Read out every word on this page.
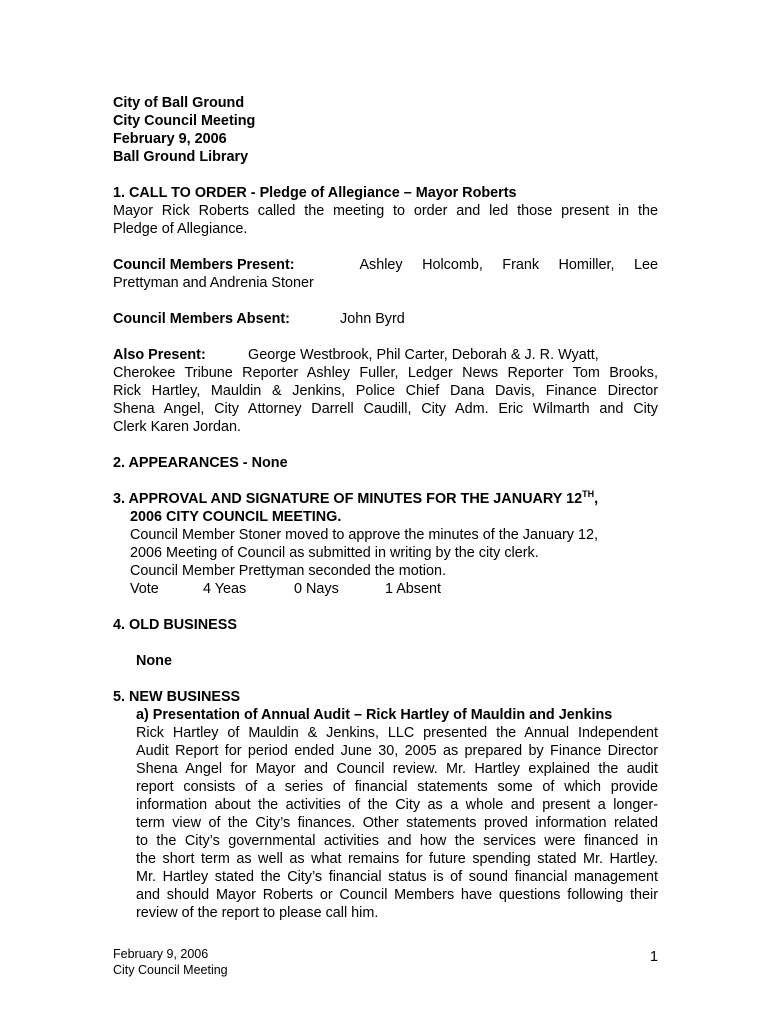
City of Ball Ground
City Council Meeting
February 9, 2006
Ball Ground Library
1. CALL TO ORDER - Pledge of Allegiance – Mayor Roberts
Mayor Rick Roberts called the meeting to order and led those present in the
Pledge of Allegiance.
Council Members Present:	Ashley Holcomb, Frank Homiller, Lee
Prettyman and Andrenia Stoner
Council Members Absent:	John Byrd
Also Present:	George Westbrook, Phil Carter, Deborah & J. R. Wyatt,
Cherokee Tribune Reporter Ashley Fuller, Ledger News Reporter Tom Brooks,
Rick Hartley, Mauldin & Jenkins, Police Chief Dana Davis, Finance Director
Shena Angel, City Attorney Darrell Caudill, City Adm. Eric Wilmarth and City
Clerk Karen Jordan.
2. APPEARANCES - None
3. APPROVAL AND SIGNATURE OF MINUTES FOR THE JANUARY 12TH,
2006 CITY COUNCIL MEETING.
Council Member Stoner moved to approve the minutes of the January 12,
2006 Meeting of Council as submitted in writing by the city clerk.
Council Member Prettyman seconded the motion.
Vote	4 Yeas	0 Nays	1 Absent
4. OLD BUSINESS
None
5. NEW BUSINESS
a) Presentation of Annual Audit – Rick Hartley of Mauldin and Jenkins
Rick Hartley of Mauldin & Jenkins, LLC presented the Annual Independent
Audit Report for period ended June 30, 2005 as prepared by Finance Director
Shena Angel for Mayor and Council review. Mr. Hartley explained the audit
report consists of a series of financial statements some of which provide
information about the activities of the City as a whole and present a longer-
term view of the City’s finances. Other statements proved information related
to the City’s governmental activities and how the services were financed in
the short term as well as what remains for future spending stated Mr. Hartley.
Mr. Hartley stated the City’s financial status is of sound financial management
and should Mayor Roberts or Council Members have questions following their
review of the report to please call him.
February 9, 2006
City Council Meeting
1
